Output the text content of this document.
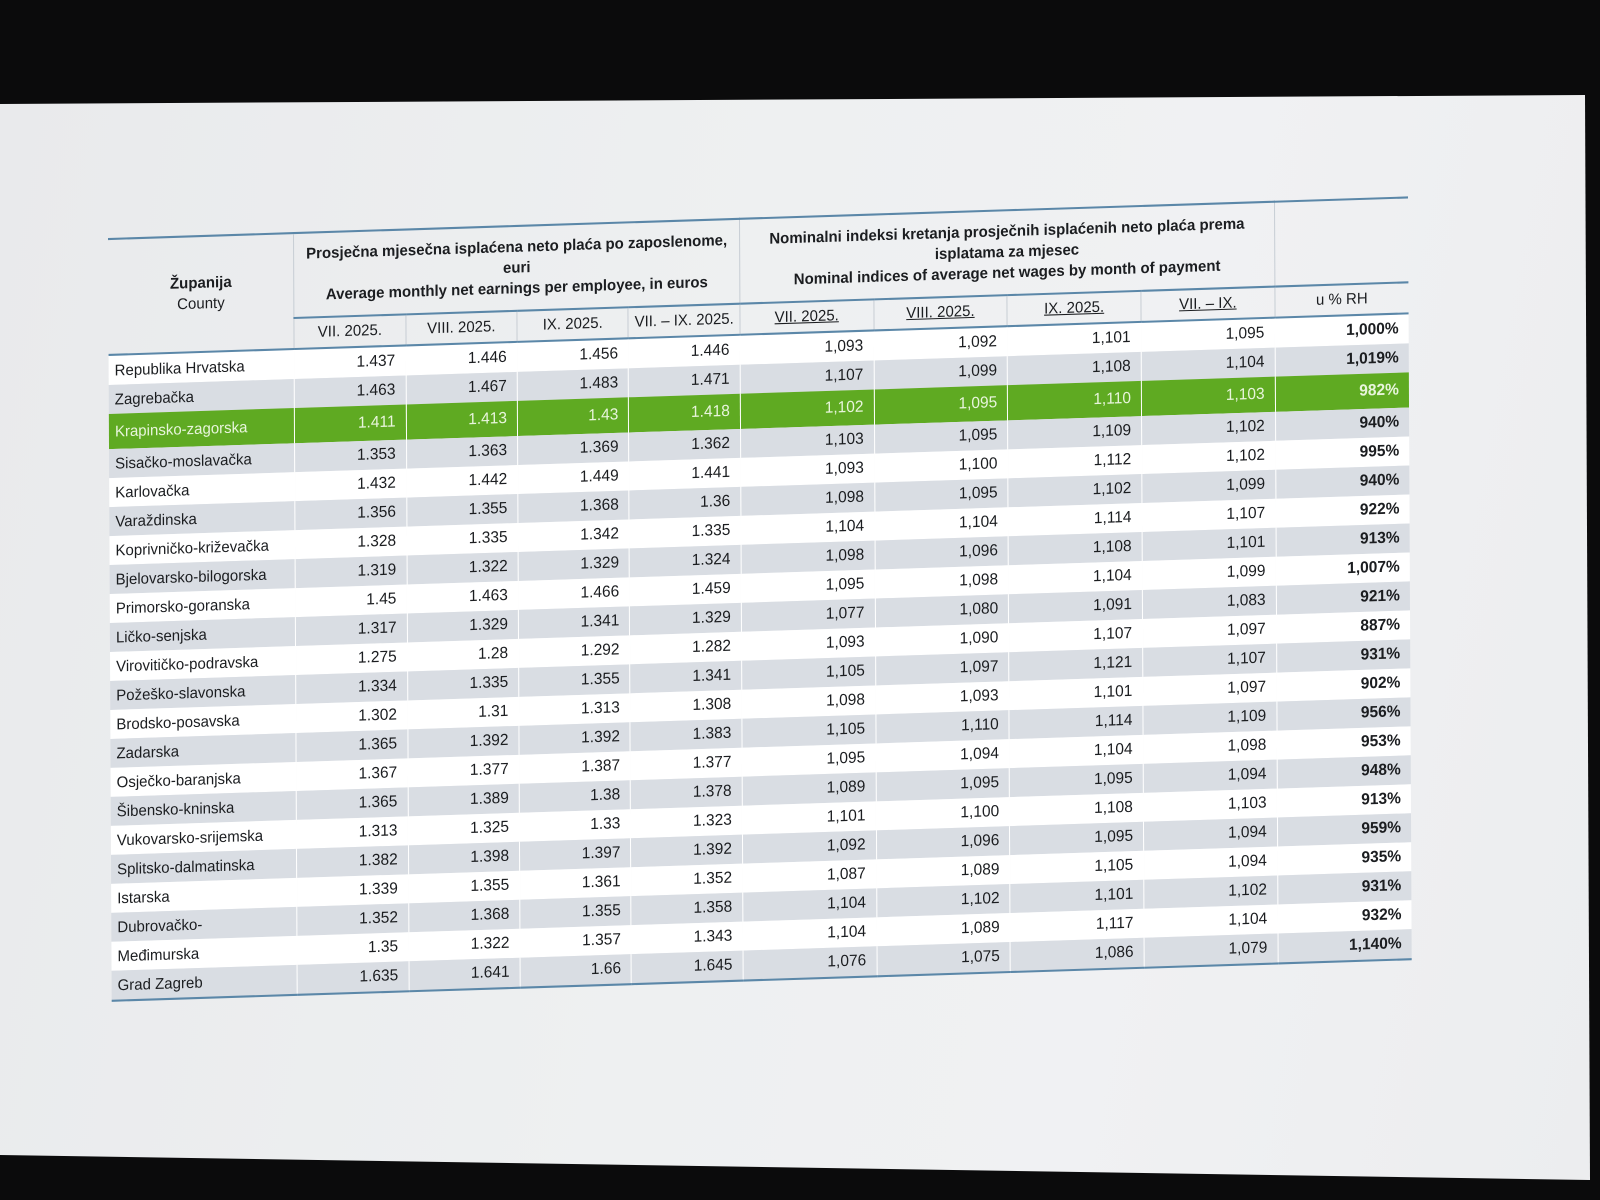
Županija
County	Prosječna mjesečna isplaćena neto plaća po zaposlenome, euri
Average monthly net earnings per employee, in euros				Nominalni indeksi kretanja prosječnih isplaćenih neto plaća prema isplatama za mjesec
Nominal indices of average net wages by month of payment				

	VII. 2025.	VIII. 2025.	IX. 2025.	VII. – IX. 2025.	VII. 2025.	VIII. 2025.	IX. 2025.	VII. – IX.	u % RH
Republika Hrvatska	1.437	1.446	1.456	1.446	1,093	1,092	1,101	1,095	1,000%
Zagrebačka	1.463	1.467	1.483	1.471	1,107	1,099	1,108	1,104	1,019%
Krapinsko-zagorska	1.411	1.413	1.43	1.418	1,102	1,095	1,110	1,103	982%
Sisačko-moslavačka	1.353	1.363	1.369	1.362	1,103	1,095	1,109	1,102	940%
Karlovačka	1.432	1.442	1.449	1.441	1,093	1,100	1,112	1,102	995%
Varaždinska	1.356	1.355	1.368	1.36	1,098	1,095	1,102	1,099	940%
Koprivničko-križevačka	1.328	1.335	1.342	1.335	1,104	1,104	1,114	1,107	922%
Bjelovarsko-bilogorska	1.319	1.322	1.329	1.324	1,098	1,096	1,108	1,101	913%
Primorsko-goranska	1.45	1.463	1.466	1.459	1,095	1,098	1,104	1,099	1,007%
Ličko-senjska	1.317	1.329	1.341	1.329	1,077	1,080	1,091	1,083	921%
Virovitičko-podravska	1.275	1.28	1.292	1.282	1,093	1,090	1,107	1,097	887%
Požeško-slavonska	1.334	1.335	1.355	1.341	1,105	1,097	1,121	1,107	931%
Brodsko-posavska	1.302	1.31	1.313	1.308	1,098	1,093	1,101	1,097	902%
Zadarska	1.365	1.392	1.392	1.383	1,105	1,110	1,114	1,109	956%
Osječko-baranjska	1.367	1.377	1.387	1.377	1,095	1,094	1,104	1,098	953%
Šibensko-kninska	1.365	1.389	1.38	1.378	1,089	1,095	1,095	1,094	948%
Vukovarsko-srijemska	1.313	1.325	1.33	1.323	1,101	1,100	1,108	1,103	913%
Splitsko-dalmatinska	1.382	1.398	1.397	1.392	1,092	1,096	1,095	1,094	959%
Istarska	1.339	1.355	1.361	1.352	1,087	1,089	1,105	1,094	935%
Dubrovačko-	1.352	1.368	1.355	1.358	1,104	1,102	1,101	1,102	931%
Međimurska	1.35	1.322	1.357	1.343	1,104	1,089	1,117	1,104	932%
Grad Zagreb	1.635	1.641	1.66	1.645	1,076	1,075	1,086	1,079	1,140%
